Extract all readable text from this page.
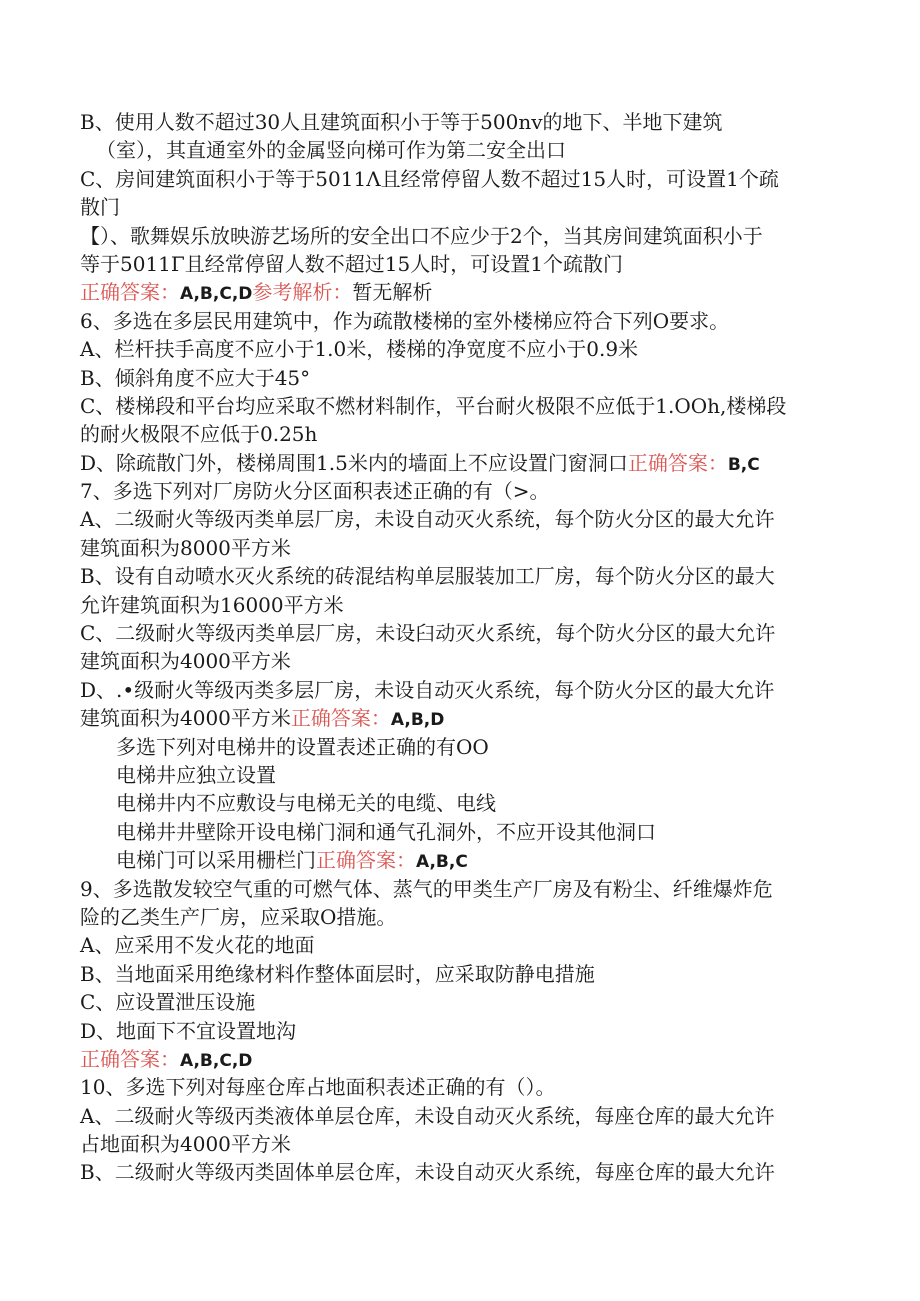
B、使用人数不超过30人且建筑面积小于等于500nv的地下、半地下建筑
（室），其直通室外的金属竖向梯可作为第二安全出口
C、房间建筑面积小于等于5011Λ且经常停留人数不超过15人时，可设置1个疏
散门
【）、歌舞娱乐放映游艺场所的安全出口不应少于2个，当其房间建筑面积小于
等于5011Γ且经常停留人数不超过15人时，可设置1个疏散门
正确答案：A,B,C,D参考解析：暂无解析
6、多选在多层民用建筑中，作为疏散楼梯的室外楼梯应符合下列O要求。
A、栏杆扶手高度不应小于1.0米，楼梯的净宽度不应小于0.9米
B、倾斜角度不应大于45°
C、楼梯段和平台均应采取不燃材料制作，平台耐火极限不应低于1.OOh,楼梯段
的耐火极限不应低于0.25h
D、除疏散门外，楼梯周围1.5米内的墙面上不应设置门窗洞口正确答案：B,C
7、多选下列对厂房防火分区面积表述正确的有（>。
A、二级耐火等级丙类单层厂房，未设自动灭火系统，每个防火分区的最大允许
建筑面积为8000平方米
B、设有自动喷水灭火系统的砖混结构单层服装加工厂房，每个防火分区的最大
允许建筑面积为16000平方米
C、二级耐火等级丙类单层厂房，未设臼动灭火系统，每个防火分区的最大允许
建筑面积为4000平方米
D、.•级耐火等级丙类多层厂房，未设自动灭火系统，每个防火分区的最大允许
建筑面积为4000平方米正确答案：A,B,D
多选下列对电梯井的设置表述正确的有OO
电梯井应独立设置
电梯井内不应敷设与电梯无关的电缆、电线
电梯井井壁除开设电梯门洞和通气孔洞外，不应开设其他洞口
电梯门可以采用栅栏门正确答案：A,B,C
9、多选散发较空气重的可燃气体、蒸气的甲类生产厂房及有粉尘、纤维爆炸危
险的乙类生产厂房，应采取O措施。
A、应采用不发火花的地面
B、当地面采用绝缘材料作整体面层时，应采取防静电措施
C、应设置泄压设施
D、地面下不宜设置地沟
正确答案：A,B,C,D
10、多选下列对每座仓库占地面积表述正确的有（）。
A、二级耐火等级丙类液体单层仓库，未设自动灭火系统，每座仓库的最大允许
占地面积为4000平方米
B、二级耐火等级丙类固体单层仓库，未设自动灭火系统，每座仓库的最大允许
